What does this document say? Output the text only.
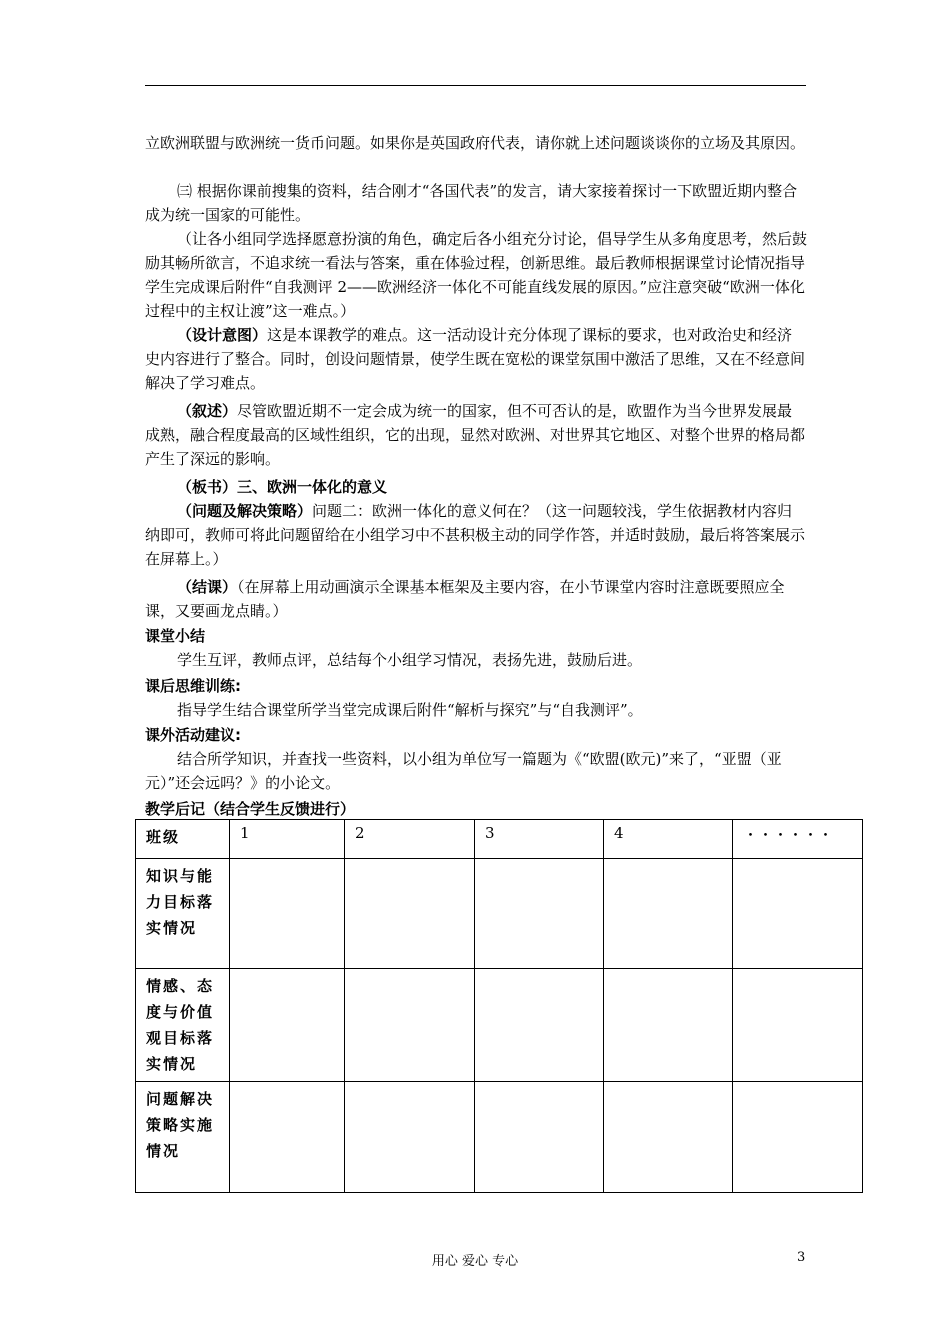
立欧洲联盟与欧洲统一货币问题。如果你是英国政府代表，请你就上述问题谈谈你的立场及其原因。

㈢ 根据你课前搜集的资料，结合刚才“各国代表”的发言，请大家接着探讨一下欧盟近期内整合成为统一国家的可能性。

（让各小组同学选择愿意扮演的角色，确定后各小组充分讨论，倡导学生从多角度思考，然后鼓励其畅所欲言，不追求统一看法与答案，重在体验过程，创新思维。最后教师根据课堂讨论情况指导学生完成课后附件“自我测评 2——欧洲经济一体化不可能直线发展的原因。”应注意突破“欧洲一体化过程中的主权让渡”这一难点。）

（设计意图）这是本课教学的难点。这一活动设计充分体现了课标的要求，也对政治史和经济史内容进行了整合。同时，创设问题情景，使学生既在宽松的课堂氛围中激活了思维，又在不经意间解决了学习难点。

（叙述）尽管欧盟近期不一定会成为统一的国家，但不可否认的是，欧盟作为当今世界发展最成熟，融合程度最高的区域性组织，它的出现，显然对欧洲、对世界其它地区、对整个世界的格局都产生了深远的影响。

（板书）三、欧洲一体化的意义

（问题及解决策略）问题二：欧洲一体化的意义何在？（这一问题较浅，学生依据教材内容归纳即可，教师可将此问题留给在小组学习中不甚积极主动的同学作答，并适时鼓励，最后将答案展示在屏幕上。）

（结课）（在屏幕上用动画演示全课基本框架及主要内容，在小节课堂内容时注意既要照应全课，又要画龙点睛。）

课堂小结

学生互评，教师点评，总结每个小组学习情况，表扬先进，鼓励后进。

课后思维训练:

指导学生结合课堂所学当堂完成课后附件“解析与探究”与“自我测评”。

课外活动建议:

结合所学知识，并查找一些资料，以小组为单位写一篇题为《“欧盟(欧元)”来了，“亚盟（亚元）”还会远吗？》的小论文。

教学后记（结合学生反馈进行）

班级	1	2	3	4	・・・・・・
知识与能力目标落实情况					
情感、态度与价值观目标落实情况					
问题解决策略实施情况					
用心 爱心 专心	3
